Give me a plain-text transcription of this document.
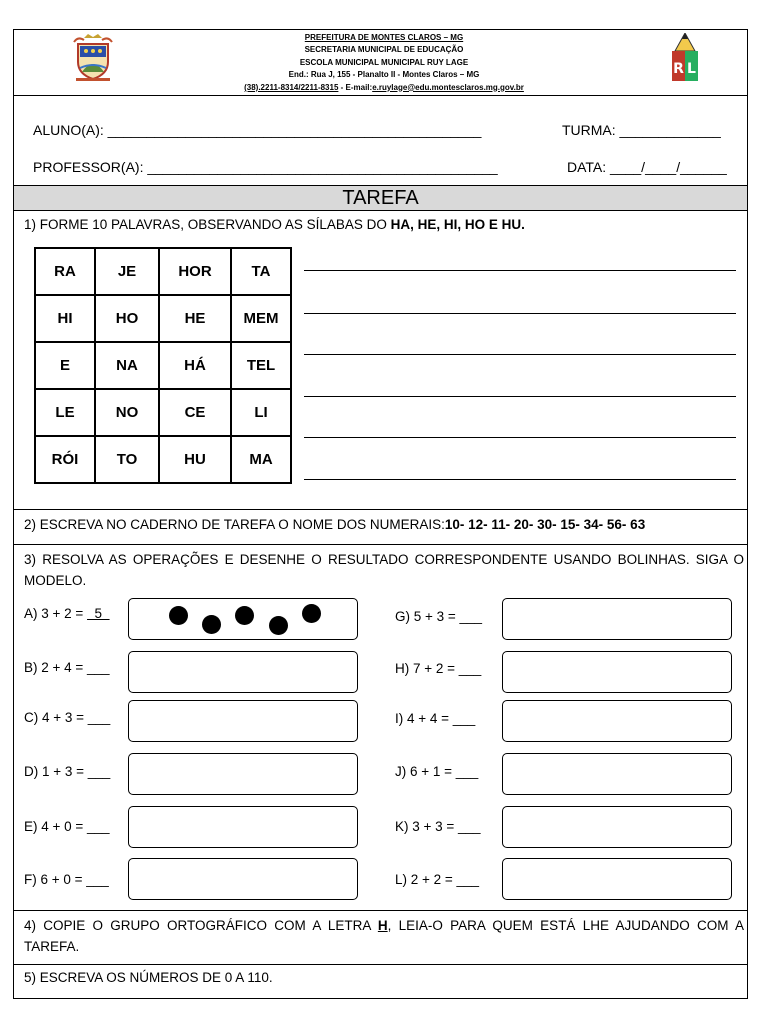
PREFEITURA DE MONTES CLAROS – MG
SECRETARIA MUNICIPAL DE EDUCAÇÃO
ESCOLA MUNICIPAL MUNICIPAL RUY LAGE
End.: Rua J, 155 - Planalto II - Montes Claros – MG
(38).2211-8314/2211-8315 - E-mail:e.ruylage@edu.montesclaros.mg.gov.br
R L
ALUNO(A): ________________________________________________	TURMA: _____________
PROFESSOR(A): _____________________________________________	DATA: ____/____/______
TAREFA
1) FORME 10 PALAVRAS, OBSERVANDO AS SÍLABAS DO HA, HE, HI, HO E HU.
RA	JE	HOR	TA
HI	HO	HE	MEM
E	NA	HÁ	TEL
LE	NO	CE	LI
RÓI	TO	HU	MA
2) ESCREVA NO CADERNO DE TAREFA O NOME DOS NUMERAIS:10- 12- 11- 20- 30- 15- 34- 56- 63
3) RESOLVA AS OPERAÇÕES E DESENHE O RESULTADO CORRESPONDENTE USANDO BOLINHAS. SIGA O MODELO.
A) 3 + 2 =   5
B) 2 + 4 = ___
C) 4 + 3 = ___
D) 1 + 3 = ___
E) 4 + 0 = ___
F) 6 + 0 = ___
G) 5 + 3 = ___
H) 7 + 2 = ___
I) 4 + 4 = ___
J) 6 + 1 = ___
K) 3 + 3 = ___
L) 2 + 2 = ___
4) COPIE O GRUPO ORTOGRÁFICO COM A LETRA H, LEIA-O PARA QUEM ESTÁ LHE AJUDANDO COM A TAREFA.
5) ESCREVA OS NÚMEROS DE 0 A 110.
